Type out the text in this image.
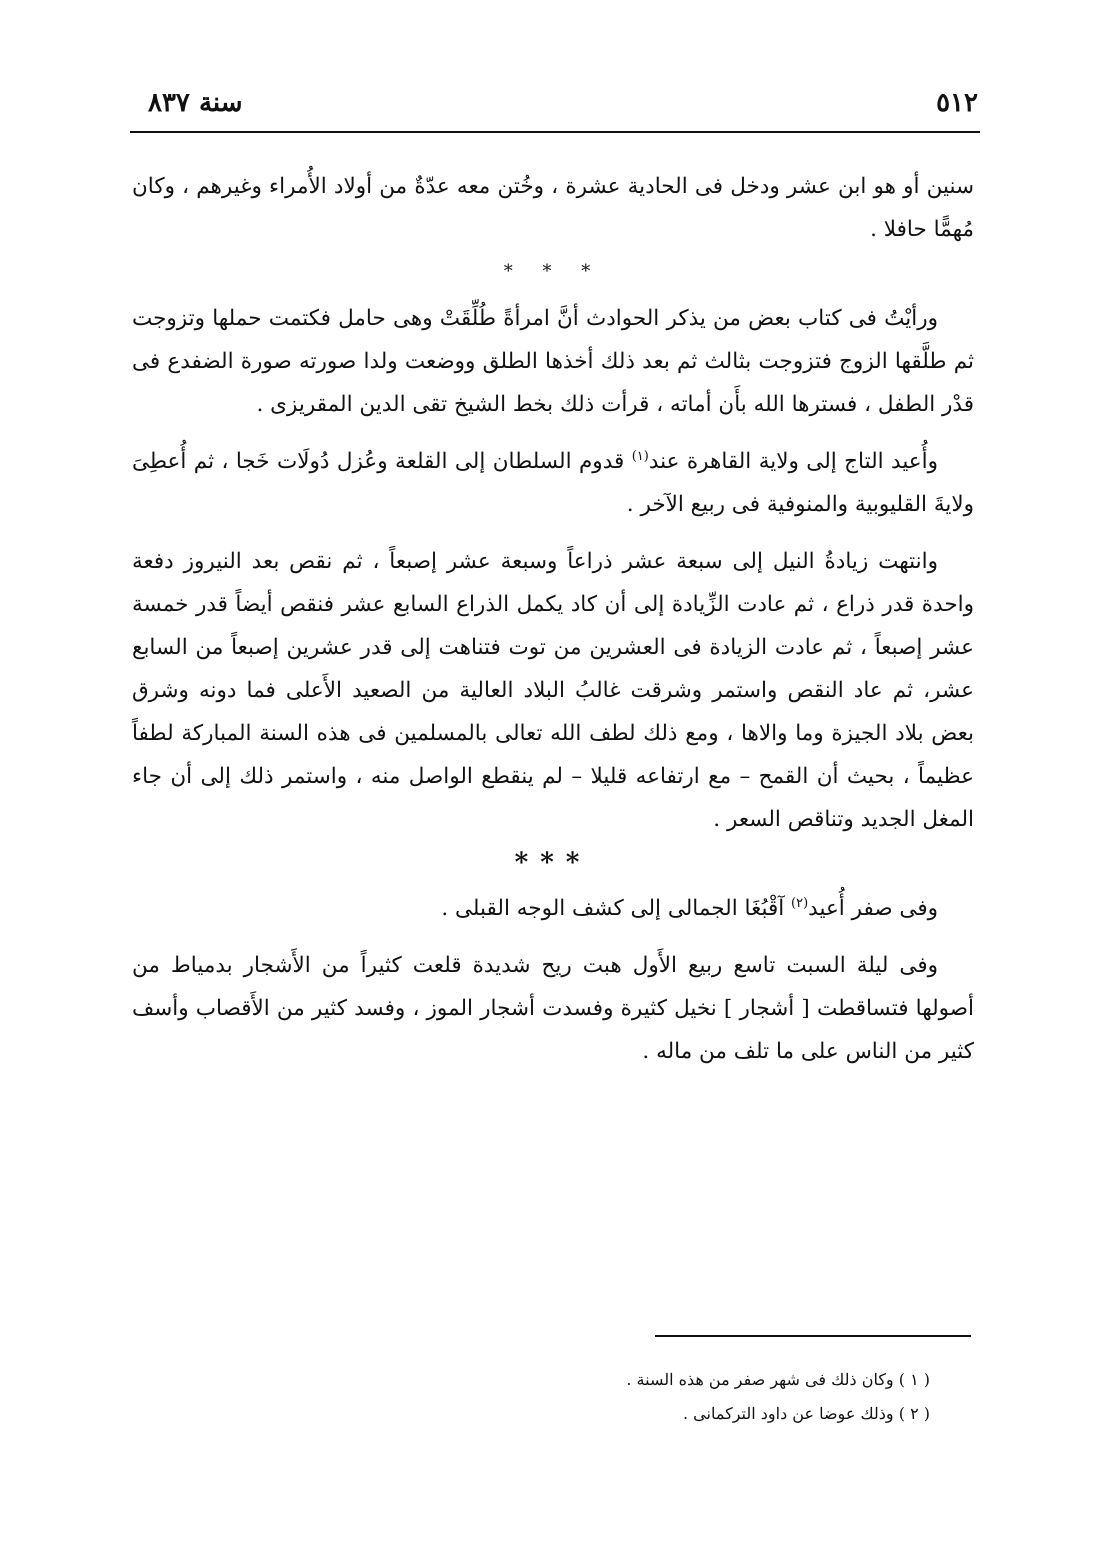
سنة ٨٣٧	٥١٢

سنين أو هو ابن عشر ودخل فى الحادية عشرة ، وخُتن معه عدّةٌ من أولاد الأُمراء وغيرهم ، وكان مُهمًّا حافلا .

* * *

ورأيْتُ فى كتاب بعض من يذكر الحوادث أنَّ امرأةً طُلِّقَتْ وهى حامل فكتمت حملها وتزوجت ثم طلَّقها الزوج فتزوجت بثالث ثم بعد ذلك أخذها الطلق ووضعت ولدا صورته صورة الضفدع فى قدْر الطفل ، فسترها الله بأَن أماته ، قرأت ذلك بخط الشيخ تقى الدين المقريزى .

وأُعيد التاج إلى ولاية القاهرة عند$^{(١)}$ قدوم السلطان إلى القلعة وعُزل دُولَات خَجا ، ثم أُعطِىَ ولايةَ القليوبية والمنوفية فى ربيع الآخر .

وانتهت زيادةُ النيل إلى سبعة عشر ذراعاً وسبعة عشر إصبعاً ، ثم نقص بعد النيروز دفعة واحدة قدر ذراع ، ثم عادت الزِّيادة إلى أن كاد يكمل الذراع السابع عشر فنقص أيضاً قدر خمسة عشر إصبعاً ، ثم عادت الزيادة فى العشرين من توت فتناهت إلى قدر عشرين إصبعاً من السابع عشر، ثم عاد النقص واستمر وشرقت غالبُ البلاد العالية من الصعيد الأَعلى فما دونه وشرق بعض بلاد الجيزة وما والاها ، ومع ذلك لطف الله تعالى بالمسلمين فى هذه السنة المباركة لطفاً عظيماً ، بحيث أن القمح – مع ارتفاعه قليلا – لم ينقطع الواصل منه ، واستمر ذلك إلى أن جاء المغل الجديد وتناقص السعر .

***

وفى صفر أُعيد$^{(٢)}$ آقْبُغَا الجمالى إلى كشف الوجه القبلى .

وفى ليلة السبت تاسع ربيع الأَول هبت ريح شديدة قلعت كثيراً من الأَشجار بدمياط من أصولها فتساقطت [ أشجار ] نخيل كثيرة وفسدت أشجار الموز ، وفسد كثير من الأَقصاب وأسف كثير من الناس على ما تلف من ماله .

( ١ ) وكان ذلك فى شهر صفر من هذه السنة .
( ٢ ) وذلك عوضا عن داود التركمانى .
